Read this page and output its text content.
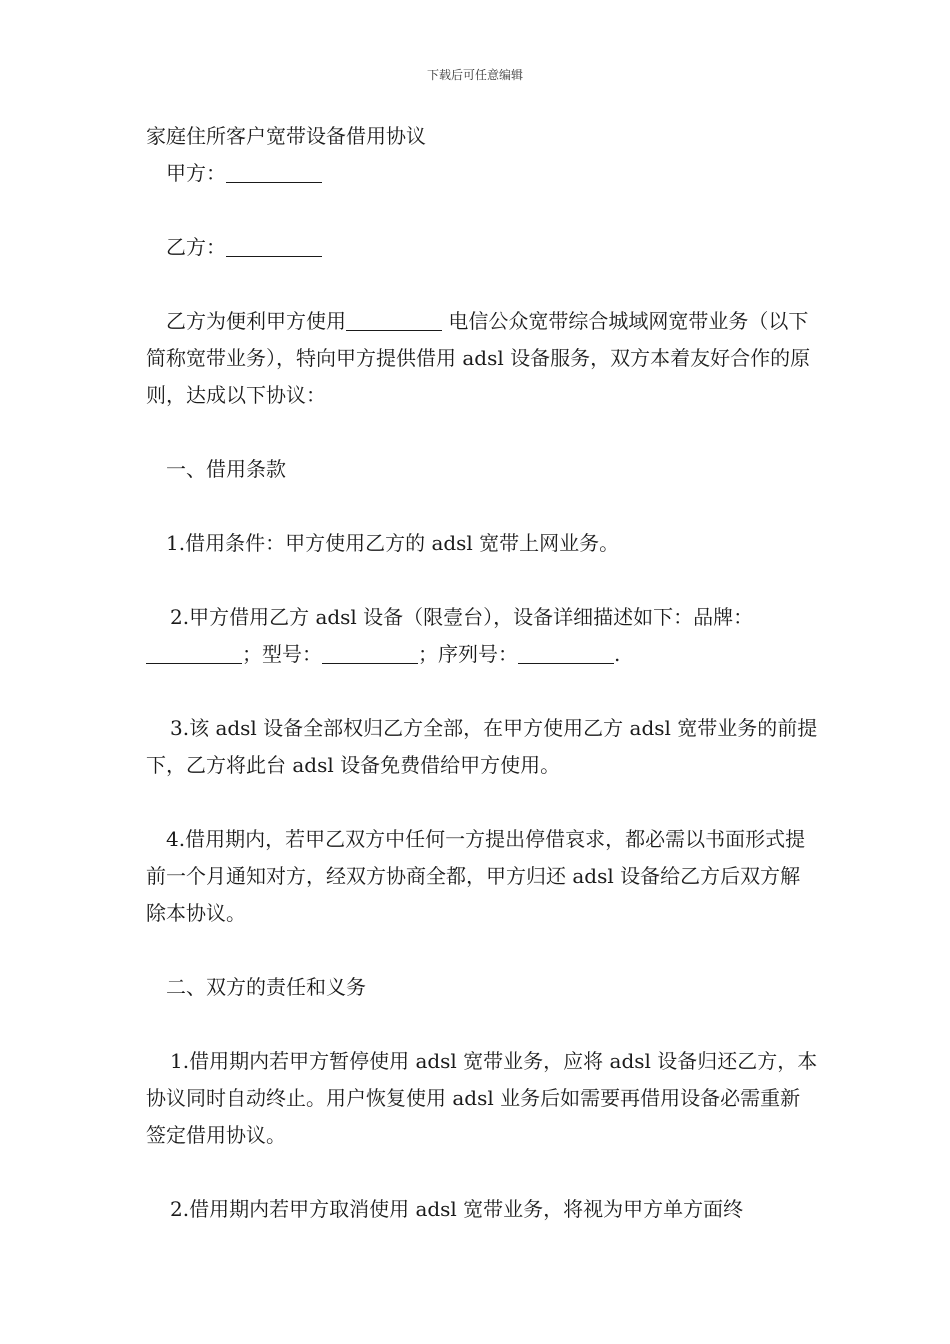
下载后可任意编辑

家庭住所客户宽带设备借用协议

甲方：

乙方：

乙方为便利甲方使用	电信公众宽带综合城域网宽带业务（以下简称宽带业务），特向甲方提供借用 adsl 设备服务，双方本着友好合作的原则，达成以下协议：

一、借用条款

1.借用条件：甲方使用乙方的 adsl 宽带上网业务。

2.甲方借用乙方 adsl 设备（限壹台），设备详细描述如下：品牌：；型号：	；序列号：	.

3.该 adsl 设备全部权归乙方全部，在甲方使用乙方 adsl 宽带业务的前提下，乙方将此台 adsl 设备免费借给甲方使用。

4.借用期内，若甲乙双方中任何一方提出停借哀求，都必需以书面形式提前一个月通知对方，经双方协商全都，甲方归还 adsl 设备给乙方后双方解除本协议。

二、双方的责任和义务

1.借用期内若甲方暂停使用 adsl 宽带业务，应将 adsl 设备归还乙方，本协议同时自动终止。用户恢复使用 adsl 业务后如需要再借用设备必需重新签定借用协议。

2.借用期内若甲方取消使用 adsl 宽带业务，将视为甲方单方面终
